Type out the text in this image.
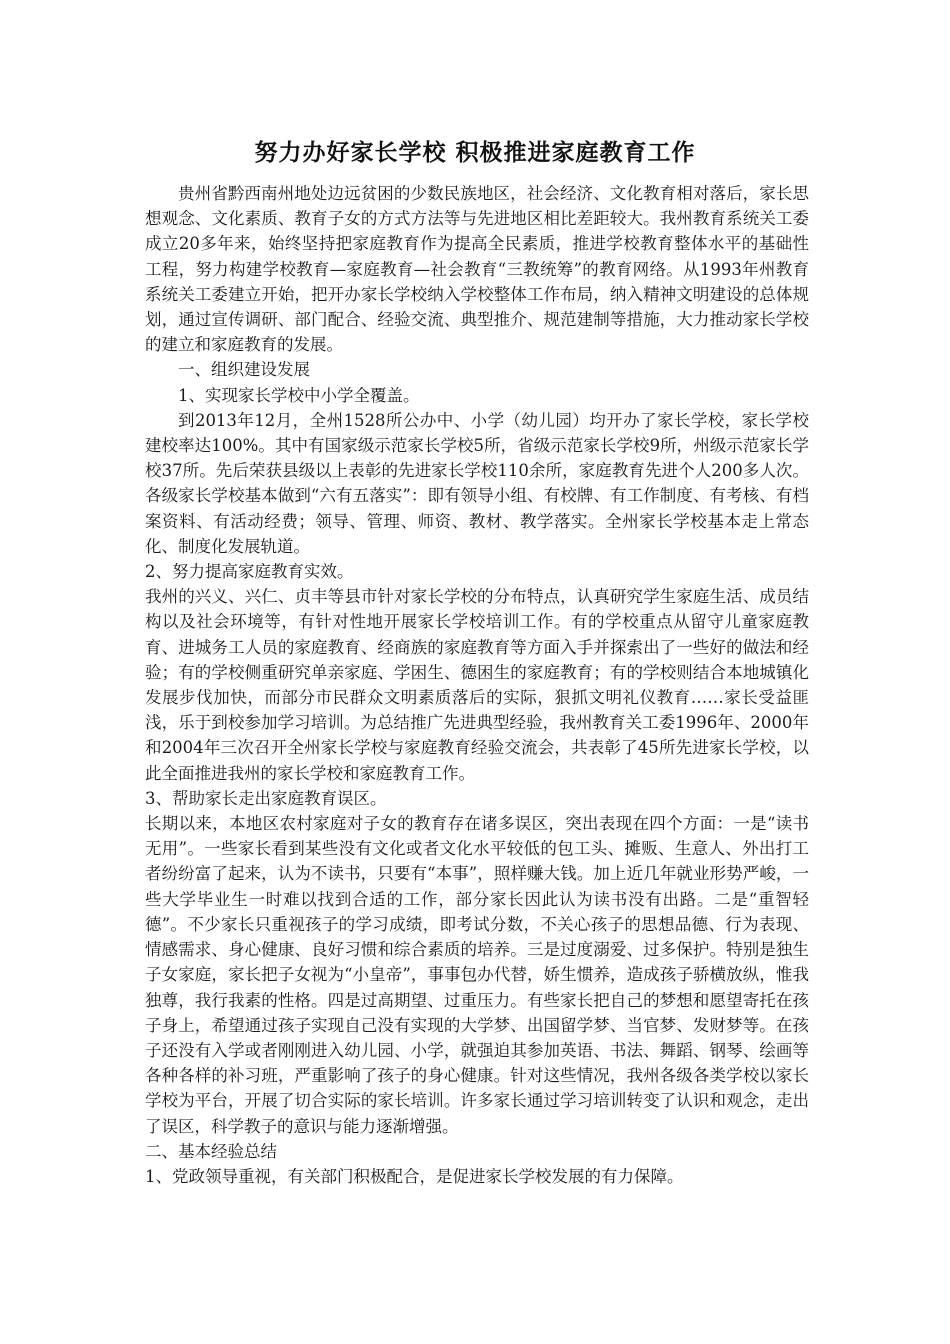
努力办好家长学校 积极推进家庭教育工作

贵州省黔西南州地处边远贫困的少数民族地区，社会经济、文化教育相对落后，家长思想观念、文化素质、教育子女的方式方法等与先进地区相比差距较大。我州教育系统关工委成立20多年来，始终坚持把家庭教育作为提高全民素质，推进学校教育整体水平的基础性工程，努力构建学校教育—家庭教育—社会教育“三教统筹”的教育网络。从1993年州教育系统关工委建立开始，把开办家长学校纳入学校整体工作布局，纳入精神文明建设的总体规划，通过宣传调研、部门配合、经验交流、典型推介、规范建制等措施，大力推动家长学校的建立和家庭教育的发展。

一、组织建设发展

1、实现家长学校中小学全覆盖。

到2013年12月，全州1528所公办中、小学（幼儿园）均开办了家长学校，家长学校建校率达100%。其中有国家级示范家长学校5所，省级示范家长学校9所，州级示范家长学校37所。先后荣获县级以上表彰的先进家长学校110余所，家庭教育先进个人200多人次。各级家长学校基本做到“六有五落实”：即有领导小组、有校牌、有工作制度、有考核、有档案资料、有活动经费；领导、管理、师资、教材、教学落实。全州家长学校基本走上常态化、制度化发展轨道。

2、努力提高家庭教育实效。

我州的兴义、兴仁、贞丰等县市针对家长学校的分布特点，认真研究学生家庭生活、成员结构以及社会环境等，有针对性地开展家长学校培训工作。有的学校重点从留守儿童家庭教育、进城务工人员的家庭教育、经商族的家庭教育等方面入手并探索出了一些好的做法和经验；有的学校侧重研究单亲家庭、学困生、德困生的家庭教育；有的学校则结合本地城镇化发展步伐加快，而部分市民群众文明素质落后的实际，狠抓文明礼仪教育……家长受益匪浅，乐于到校参加学习培训。为总结推广先进典型经验，我州教育关工委1996年、2000年和2004年三次召开全州家长学校与家庭教育经验交流会，共表彰了45所先进家长学校，以此全面推进我州的家长学校和家庭教育工作。

3、帮助家长走出家庭教育误区。

长期以来，本地区农村家庭对子女的教育存在诸多误区，突出表现在四个方面：一是“读书无用”。一些家长看到某些没有文化或者文化水平较低的包工头、摊贩、生意人、外出打工者纷纷富了起来，认为不读书，只要有“本事”，照样赚大钱。加上近几年就业形势严峻，一些大学毕业生一时难以找到合适的工作，部分家长因此认为读书没有出路。二是“重智轻德”。不少家长只重视孩子的学习成绩，即考试分数，不关心孩子的思想品德、行为表现、情感需求、身心健康、良好习惯和综合素质的培养。三是过度溺爱、过多保护。特别是独生子女家庭，家长把子女视为“小皇帝”，事事包办代替，娇生惯养，造成孩子骄横放纵，惟我独尊，我行我素的性格。四是过高期望、过重压力。有些家长把自己的梦想和愿望寄托在孩子身上，希望通过孩子实现自己没有实现的大学梦、出国留学梦、当官梦、发财梦等。在孩子还没有入学或者刚刚进入幼儿园、小学，就强迫其参加英语、书法、舞蹈、钢琴、绘画等各种各样的补习班，严重影响了孩子的身心健康。针对这些情况，我州各级各类学校以家长学校为平台，开展了切合实际的家长培训。许多家长通过学习培训转变了认识和观念，走出了误区，科学教子的意识与能力逐渐增强。

二、基本经验总结

1、党政领导重视，有关部门积极配合，是促进家长学校发展的有力保障。
